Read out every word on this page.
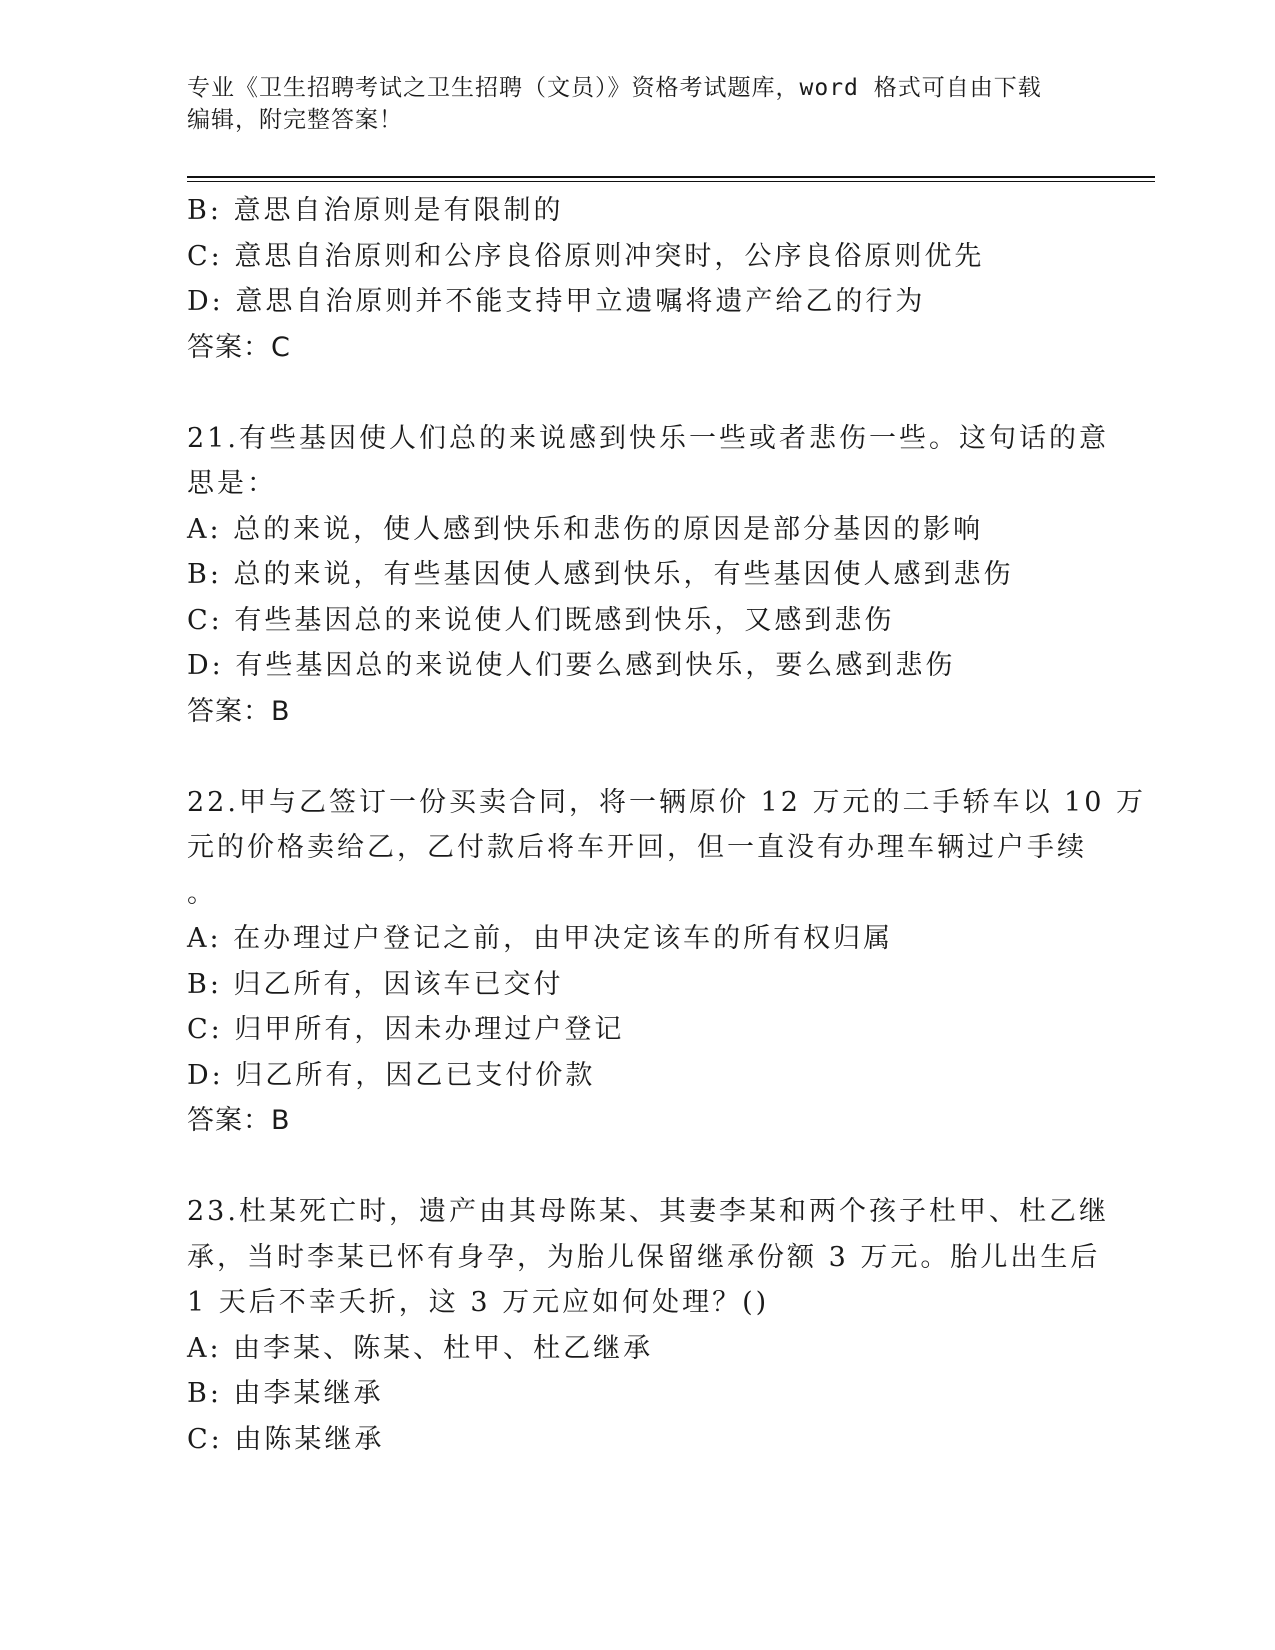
专业《卫生招聘考试之卫生招聘（文员）》资格考试题库，word 格式可自由下载
编辑，附完整答案！
B: 意思自治原则是有限制的
C: 意思自治原则和公序良俗原则冲突时，公序良俗原则优先
D: 意思自治原则并不能支持甲立遗嘱将遗产给乙的行为
答案：C
21.有些基因使人们总的来说感到快乐一些或者悲伤一些。这句话的意
思是：
A: 总的来说，使人感到快乐和悲伤的原因是部分基因的影响
B: 总的来说，有些基因使人感到快乐，有些基因使人感到悲伤
C: 有些基因总的来说使人们既感到快乐，又感到悲伤
D: 有些基因总的来说使人们要么感到快乐，要么感到悲伤
答案：B
22.甲与乙签订一份买卖合同，将一辆原价 12 万元的二手轿车以 10 万
元的价格卖给乙，乙付款后将车开回，但一直没有办理车辆过户手续
。
A: 在办理过户登记之前，由甲决定该车的所有权归属
B: 归乙所有，因该车已交付
C: 归甲所有，因未办理过户登记
D: 归乙所有，因乙已支付价款
答案：B
23.杜某死亡时，遗产由其母陈某、其妻李某和两个孩子杜甲、杜乙继
承，当时李某已怀有身孕，为胎儿保留继承份额 3 万元。胎儿出生后
1 天后不幸夭折，这 3 万元应如何处理？()
A: 由李某、陈某、杜甲、杜乙继承
B: 由李某继承
C: 由陈某继承
